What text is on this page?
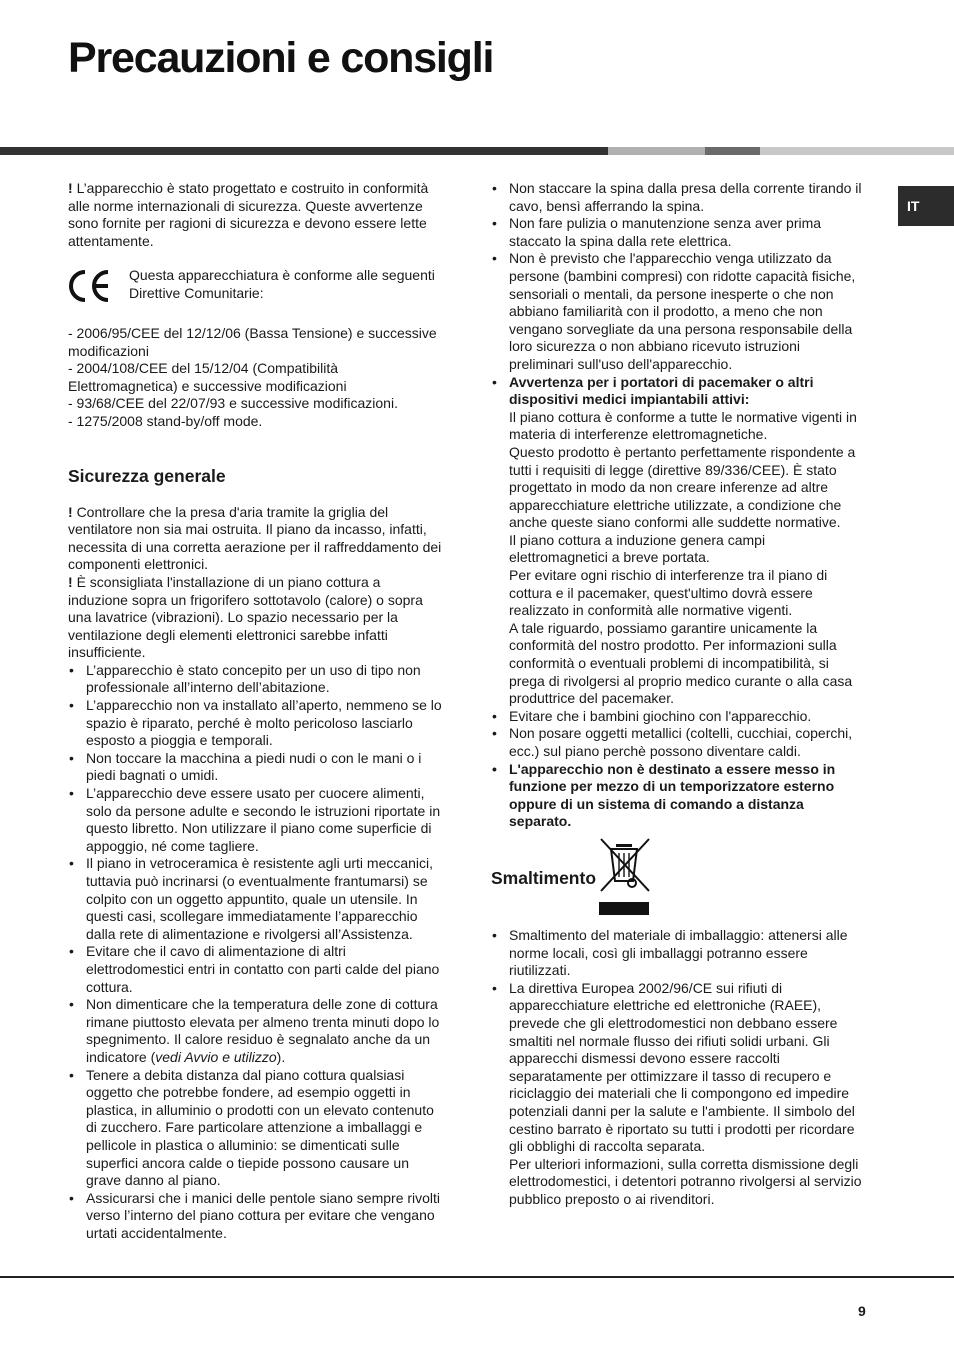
Precauzioni e consigli
IT

! L’apparecchio è stato progettato e costruito in conformità alle norme internazionali di sicurezza. Queste avvertenze sono fornite per ragioni di sicurezza e devono essere lette attentamente.

Questa apparecchiatura è conforme alle seguenti Direttive Comunitarie:

- 2006/95/CEE del 12/12/06 (Bassa Tensione) e successive modificazioni

- 2004/108/CEE del 15/12/04 (Compatibilità Elettromagnetica) e successive modificazioni

- 93/68/CEE del 22/07/93 e successive modificazioni.

- 1275/2008 stand-by/off mode.

Sicurezza generale

! Controllare che la presa d'aria tramite la griglia del ventilatore non sia mai ostruita. Il piano da incasso, infatti, necessita di una corretta aerazione per il raffreddamento dei componenti elettronici.

! È sconsigliata l'installazione di un piano cottura a induzione sopra un frigorifero sottotavolo (calore) o sopra una lavatrice (vibrazioni). Lo spazio necessario per la ventilazione degli elementi elettronici sarebbe infatti insufficiente.

• L’apparecchio è stato concepito per un uso di tipo non professionale all’interno dell’abitazione.
• L’apparecchio non va installato all’aperto, nemmeno se lo spazio è riparato, perché è molto pericoloso lasciarlo esposto a pioggia e temporali.
• Non toccare la macchina a piedi nudi o con le mani o i piedi bagnati o umidi.
• L’apparecchio deve essere usato per cuocere alimenti, solo da persone adulte e secondo le istruzioni riportate in questo libretto. Non utilizzare il piano come superficie di appoggio, né come tagliere.
• Il piano in vetroceramica è resistente agli urti meccanici, tuttavia può incrinarsi (o eventualmente frantumarsi) se colpito con un oggetto appuntito, quale un utensile. In questi casi, scollegare immediatamente l’apparecchio dalla rete di alimentazione e rivolgersi all’Assistenza.
• Evitare che il cavo di alimentazione di altri elettrodomestici entri in contatto con parti calde del piano cottura.
• Non dimenticare che la temperatura delle zone di cottura rimane piuttosto elevata per almeno trenta minuti dopo lo spegnimento. Il calore residuo è segnalato anche da un indicatore (vedi Avvio e utilizzo).
• Tenere a debita distanza dal piano cottura qualsiasi oggetto che potrebbe fondere, ad esempio oggetti in plastica, in alluminio o prodotti con un elevato contenuto di zucchero. Fare particolare attenzione a imballaggi e pellicole in plastica o alluminio: se dimenticati sulle superfici ancora calde o tiepide possono causare un grave danno al piano.
• Assicurarsi che i manici delle pentole siano sempre rivolti verso l’interno del piano cottura per evitare che vengano urtati accidentalmente.
• Non staccare la spina dalla presa della corrente tirando il cavo, bensì afferrando la spina.
• Non fare pulizia o manutenzione senza aver prima staccato la spina dalla rete elettrica.
• Non è previsto che l'apparecchio venga utilizzato da persone (bambini compresi) con ridotte capacità fisiche, sensoriali o mentali, da persone inesperte o che non abbiano familiarità con il prodotto, a meno che non vengano sorvegliate da una persona responsabile della loro sicurezza o non abbiano ricevuto istruzioni preliminari sull'uso dell'apparecchio.
• Avvertenza per i portatori di pacemaker o altri dispositivi medici impiantabili attivi:

Il piano cottura è conforme a tutte le normative vigenti in materia di interferenze elettromagnetiche.

Questo prodotto è pertanto perfettamente rispondente a tutti i requisiti di legge (direttive 89/336/CEE). È stato progettato in modo da non creare inferenze ad altre apparecchiature elettriche utilizzate, a condizione che anche queste siano conformi alle suddette normative.

Il piano cottura a induzione genera campi elettromagnetici a breve portata.

Per evitare ogni rischio di interferenze tra il piano di cottura e il pacemaker, quest'ultimo dovrà essere realizzato in conformità alle normative vigenti.

A tale riguardo, possiamo garantire unicamente la conformità del nostro prodotto. Per informazioni sulla conformità o eventuali problemi di incompatibilità, si prega di rivolgersi al proprio medico curante o alla casa produttrice del pacemaker.

• Evitare che i bambini giochino con l'apparecchio.
• Non posare oggetti metallici (coltelli, cucchiai, coperchi, ecc.) sul piano perchè possono diventare caldi.
• L'apparecchio non è destinato a essere messo in funzione per mezzo di un temporizzatore esterno oppure di un sistema di comando a distanza separato.
Smaltimento
• Smaltimento del materiale di imballaggio: attenersi alle norme locali, così gli imballaggi potranno essere riutilizzati.

• La direttiva Europea 2002/96/CE sui rifiuti di apparecchiature elettriche ed elettroniche (RAEE), prevede che gli elettrodomestici non debbano essere smaltiti nel normale flusso dei rifiuti solidi urbani. Gli apparecchi dismessi devono essere raccolti separatamente per ottimizzare il tasso di recupero e riciclaggio dei materiali che li compongono ed impedire potenziali danni per la salute e l'ambiente. Il simbolo del cestino barrato è riportato su tutti i prodotti per ricordare gli obblighi di raccolta separata.

Per ulteriori informazioni, sulla corretta dismissione degli elettrodomestici, i detentori potranno rivolgersi al servizio pubblico preposto o ai rivenditori.

9
